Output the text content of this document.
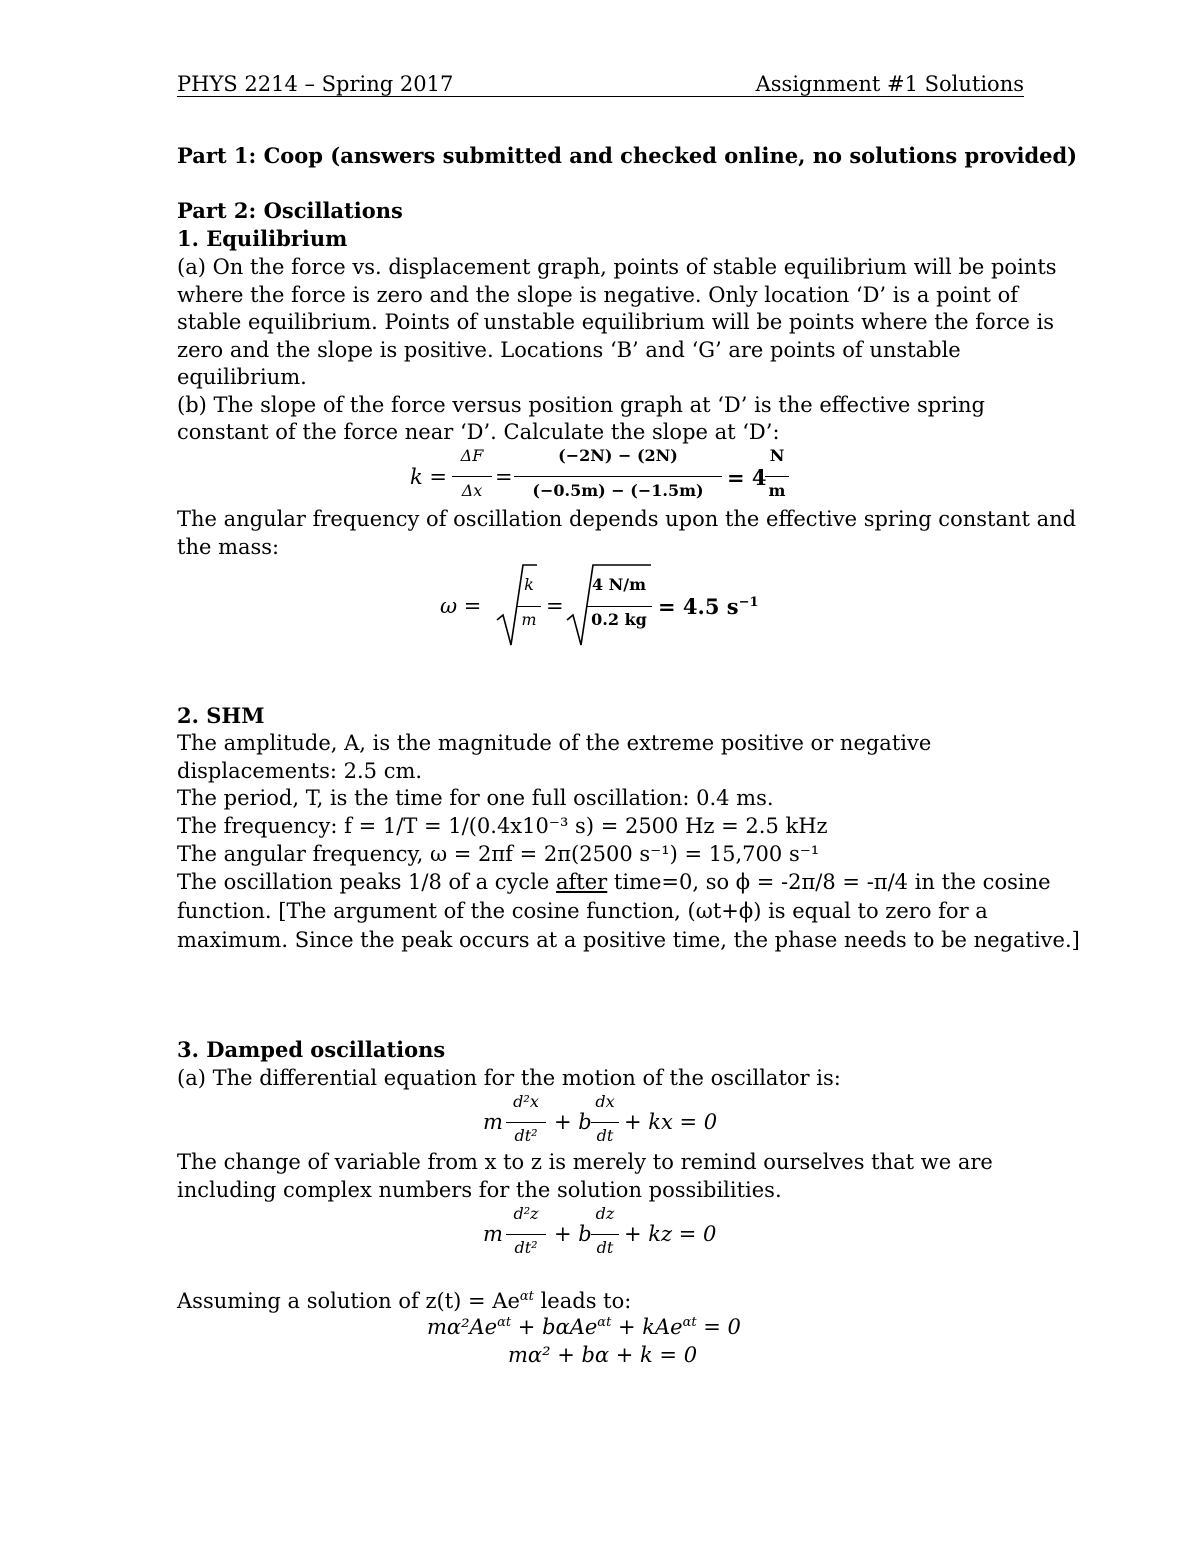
PHYS 2214 – Spring 2017	Assignment #1 Solutions
Part 1: Coop (answers submitted and checked online, no solutions provided)
Part 2: Oscillations
1. Equilibrium
(a) On the force vs. displacement graph, points of stable equilibrium will be points
where the force is zero and the slope is negative. Only location ‘D’ is a point of
stable equilibrium. Points of unstable equilibrium will be points where the force is
zero and the slope is positive. Locations ‘B’ and ‘G’ are points of unstable
equilibrium.
(b) The slope of the force versus position graph at ‘D’ is the effective spring
constant of the force near ‘D’. Calculate the slope at ‘D’:
k =
ΔF
Δx
=
(−2N) − (2N)
(−0.5m) − (−1.5m)
= 4
N
m
The angular frequency of oscillation depends upon the effective spring constant and
the mass:
ω =
k
m
=
4 N/m
0.2 kg
= 4.5 $s^{-1}$
2. SHM
The amplitude, A, is the magnitude of the extreme positive or negative
displacements: 2.5 cm.
The period, T, is the time for one full oscillation: 0.4 ms.
The frequency: f = 1/T = 1/(0.4x10⁻³ s) = 2500 Hz = 2.5 kHz
The angular frequency, ω = 2πf = 2π(2500 s⁻¹) = 15,700 s⁻¹
The oscillation peaks 1/8 of a cycle after time=0, so ϕ = -2π/8 = -π/4 in the cosine
function. [The argument of the cosine function, (ωt+ϕ) is equal to zero for a
maximum. Since the peak occurs at a positive time, the phase needs to be negative.]
3. Damped oscillations
(a) The differential equation for the motion of the oscillator is:
m
d²x
dt²
+ b
dx
dt
+ kx = 0
The change of variable from x to z is merely to remind ourselves that we are
including complex numbers for the solution possibilities.
m
d²z
dt²
+ b
dz
dt
+ kz = 0
Assuming a solution of $z(t) = Ae^{\alpha t}$ leads to:
$m\alpha^2Ae^{\alpha t} + b\alpha Ae^{\alpha t} + kAe^{\alpha t} = 0$
mα² + bα + k = 0
